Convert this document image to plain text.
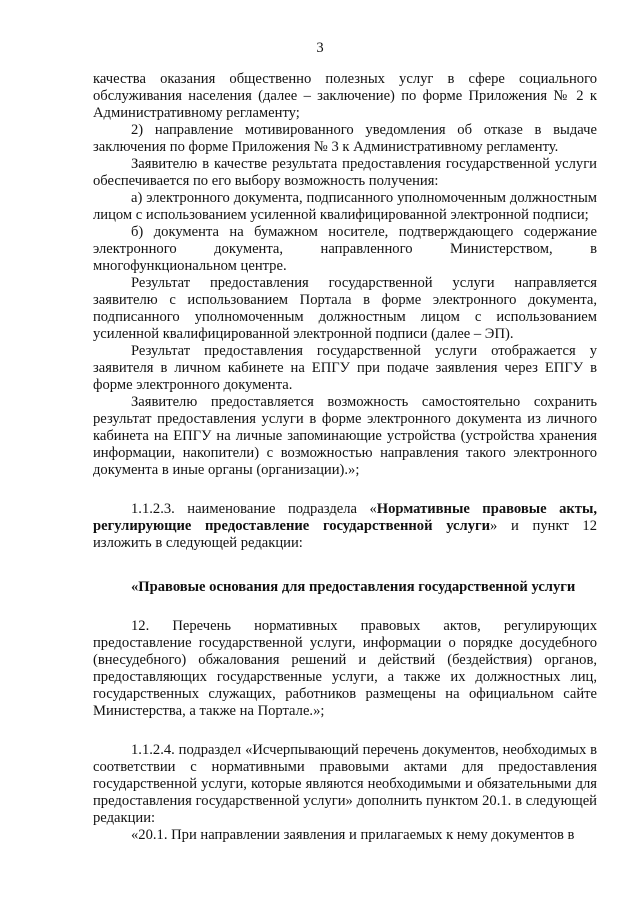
3

качества оказания общественно полезных услуг в сфере социального обслуживания населения (далее – заключение) по форме Приложения № 2 к Административному регламенту;

2) направление мотивированного уведомления об отказе в выдаче заключения по форме Приложения № 3 к Административному регламенту.

Заявителю в качестве результата предоставления государственной услуги обеспечивается по его выбору возможность получения:

а) электронного документа, подписанного уполномоченным должностным лицом с использованием усиленной квалифицированной электронной подписи;

б) документа на бумажном носителе, подтверждающего содержание электронного документа, направленного Министерством, в многофункциональном центре.

Результат предоставления государственной услуги направляется заявителю с использованием Портала в форме электронного документа, подписанного уполномоченным должностным лицом с использованием усиленной квалифицированной электронной подписи (далее – ЭП).

Результат предоставления государственной услуги отображается у заявителя в личном кабинете на ЕПГУ при подаче заявления через ЕПГУ в форме электронного документа.

Заявителю предоставляется возможность самостоятельно сохранить результат предоставления услуги в форме электронного документа из личного кабинета на ЕПГУ на личные запоминающие устройства (устройства хранения информации, накопители) с возможностью направления такого электронного документа в иные органы (организации).»;

1.1.2.3. наименование подраздела «Нормативные правовые акты, регулирующие предоставление государственной услуги» и пункт 12 изложить в следующей редакции:

«Правовые основания для предоставления государственной услуги

12. Перечень нормативных правовых актов, регулирующих предоставление государственной услуги, информации о порядке досудебного (внесудебного) обжалования решений и действий (бездействия) органов, предоставляющих государственные услуги, а также их должностных лиц, государственных служащих, работников размещены на официальном сайте Министерства, а также на Портале.»;

1.1.2.4. подраздел «Исчерпывающий перечень документов, необходимых в соответствии с нормативными правовыми актами для предоставления государственной услуги, которые являются необходимыми и обязательными для предоставления государственной услуги» дополнить пунктом 20.1. в следующей редакции:

«20.1. При направлении заявления и прилагаемых к нему документов в
